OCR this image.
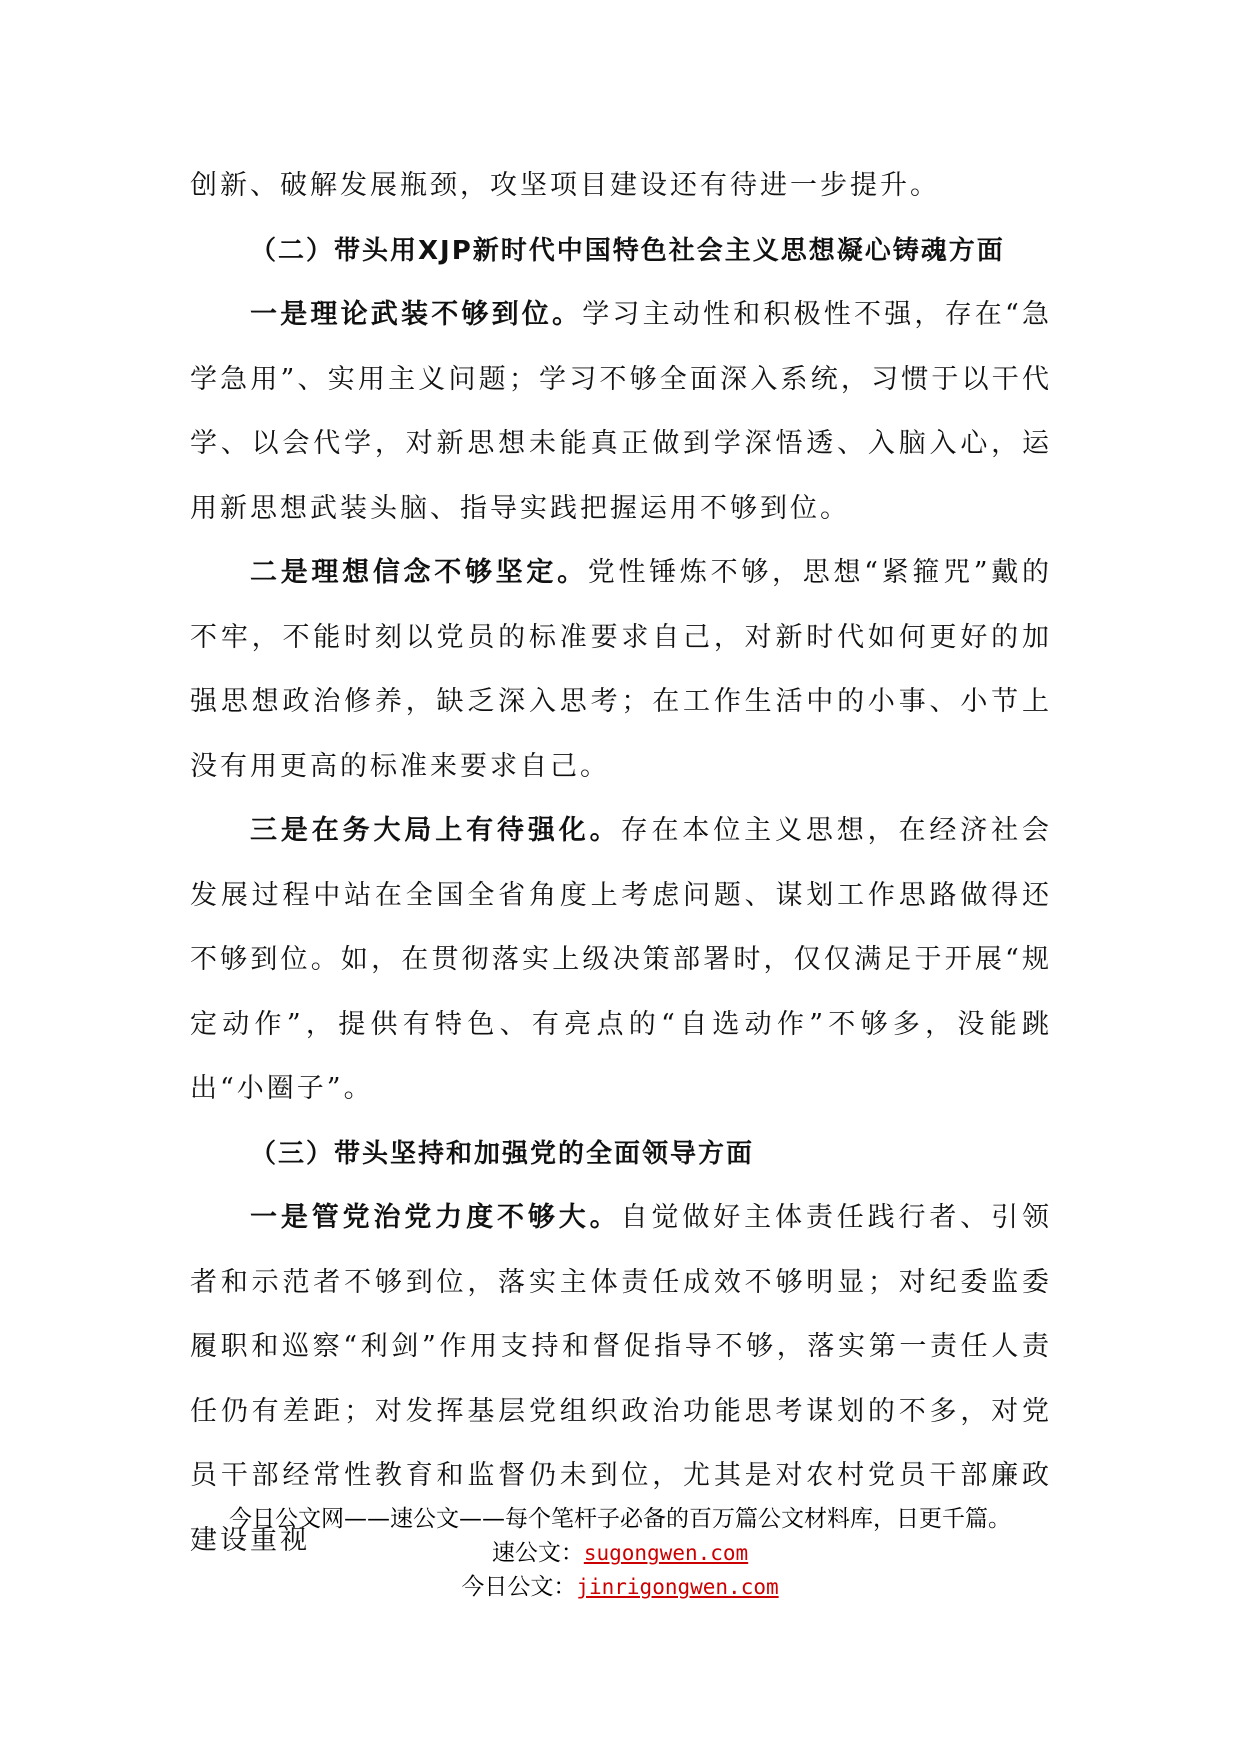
创新、破解发展瓶颈，攻坚项目建设还有待进一步提升。

（二）带头用XJP新时代中国特色社会主义思想凝心铸魂方面

一是理论武装不够到位。学习主动性和积极性不强，存在“急学急用”、实用主义问题；学习不够全面深入系统，习惯于以干代学、以会代学，对新思想未能真正做到学深悟透、入脑入心，运用新思想武装头脑、指导实践把握运用不够到位。

二是理想信念不够坚定。党性锤炼不够，思想“紧箍咒”戴的不牢，不能时刻以党员的标准要求自己，对新时代如何更好的加强思想政治修养，缺乏深入思考；在工作生活中的小事、小节上没有用更高的标准来要求自己。

三是在务大局上有待强化。存在本位主义思想，在经济社会发展过程中站在全国全省角度上考虑问题、谋划工作思路做得还不够到位。如，在贯彻落实上级决策部署时，仅仅满足于开展“规定动作”，提供有特色、有亮点的“自选动作”不够多，没能跳出“小圈子”。

（三）带头坚持和加强党的全面领导方面

一是管党治党力度不够大。自觉做好主体责任践行者、引领者和示范者不够到位，落实主体责任成效不够明显；对纪委监委履职和巡察“利剑”作用支持和督促指导不够，落实第一责任人责任仍有差距；对发挥基层党组织政治功能思考谋划的不多，对党员干部经常性教育和监督仍未到位，尤其是对农村党员干部廉政建设重视

今日公文网——速公文——每个笔杆子必备的百万篇公文材料库，日更千篇。

速公文：sugongwen.com

今日公文：jinrigongwen.com
